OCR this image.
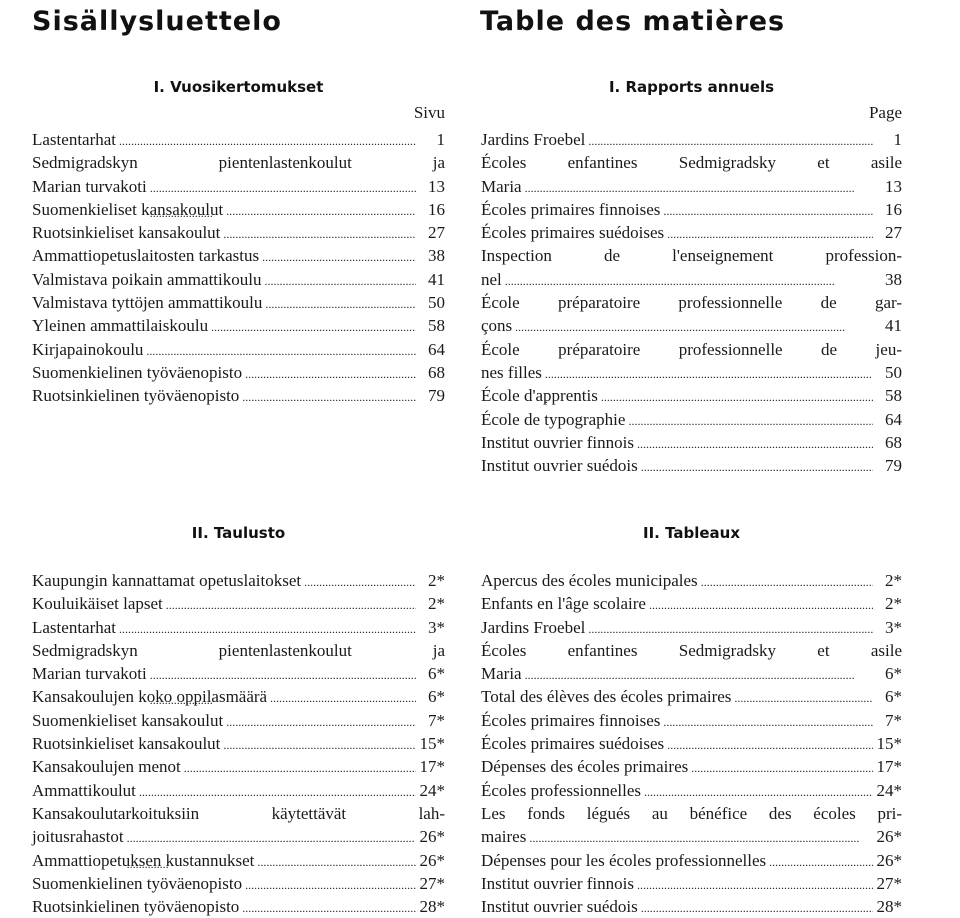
Sisällysluettelo	Table des matières
I. Vuosikertomukset
Sivu
Lastentarhat . . .	1
Sedmigradskyn pientenlastenkoulut ja
Marian turvakoti . . .	13
Suomenkieliset kansakoulut . . .	16
Ruotsinkieliset kansakoulut . . .	27
Ammattiopetuslaitosten tarkastus . . .	38
Valmistava poikain ammattikoulu . . .	41
Valmistava tyttöjen ammattikoulu . . .	50
Yleinen ammattilaiskoulu . . .	58
Kirjapainokoulu . . .	64
Suomenkielinen työväenopisto . . .	68
Ruotsinkielinen työväenopisto . . .	79
II. Taulusto
Kaupungin kannattamat opetuslaitokset . . .	2*
Kouluikäiset lapset . . .	2*
Lastentarhat . . .	3*
Sedmigradskyn pientenlastenkoulut ja
Marian turvakoti . . .	6*
Kansakoulujen koko oppilasmäärä . . .	6*
Suomenkieliset kansakoulut . . .	7*
Ruotsinkieliset kansakoulut . . .	15*
Kansakoulujen menot . . .	17*
Ammattikoulut . . .	24*
Kansakoulutarkoituksiin käytettävät lah-
joitusrahastot . . .	26*
Ammattiopetuksen kustannukset . . .	26*
Suomenkielinen työväenopisto . . .	27*
Ruotsinkielinen työväenopisto . . .	28*
I. Rapports annuels
Page
Jardins Froebel . . .	1
Écoles enfantines Sedmigradsky et asile
Maria . . .	13
Écoles primaires finnoises . . .	16
Écoles primaires suédoises . . .	27
Inspection de l'enseignement profession-
nel . . .	38
École préparatoire professionnelle de gar-
çons . . .	41
École préparatoire professionnelle de jeu-
nes filles . . .	50
École d'apprentis . . .	58
École de typographie . . .	64
Institut ouvrier finnois . . .	68
Institut ouvrier suédois . . .	79
II. Tableaux
Apercus des écoles municipales . . .	2*
Enfants en l'âge scolaire . . .	2*
Jardins Froebel . . .	3*
Écoles enfantines Sedmigradsky et asile
Maria . . .	6*
Total des élèves des écoles primaires . . .	6*
Écoles primaires finnoises . . .	7*
Écoles primaires suédoises . . .	15*
Dépenses des écoles primaires . . .	17*
Écoles professionnelles . . .	24*
Les fonds légués au bénéfice des écoles pri-
maires . . .	26*
Dépenses pour les écoles professionnelles . . .	26*
Institut ouvrier finnois . . .	27*
Institut ouvrier suédois . . .	28*
